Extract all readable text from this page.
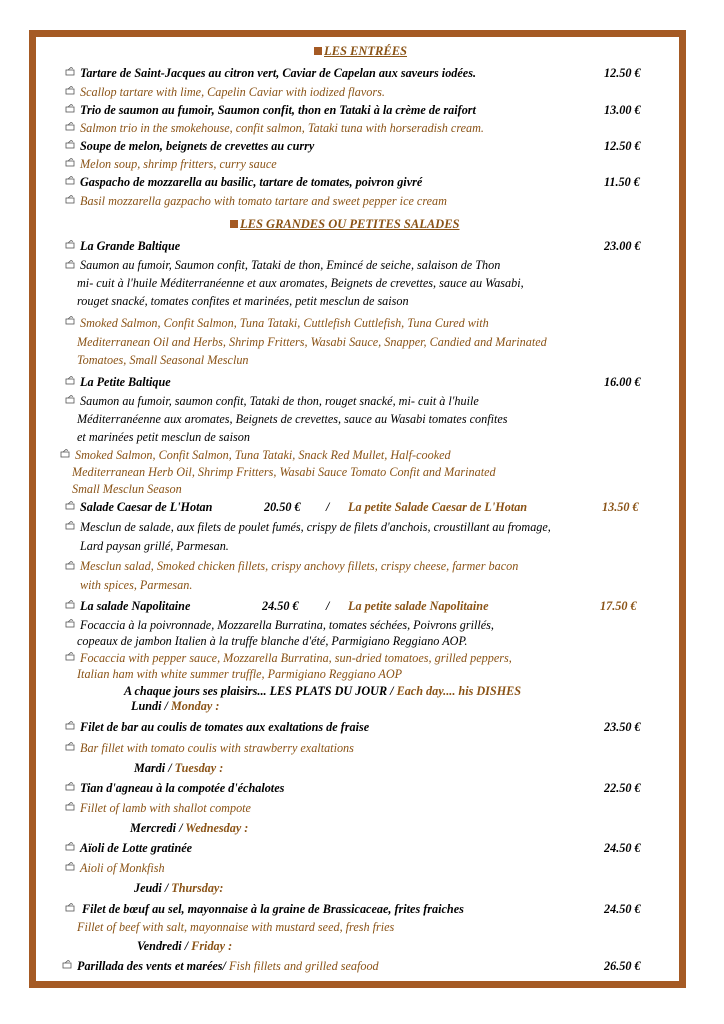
LES ENTRÉES
Tartare de Saint-Jacques au citron vert, Caviar de Capelan aux saveurs iodées.	12.50 €
Scallop tartare with lime, Capelin Caviar with iodized flavors.
Trio de saumon au fumoir, Saumon confit, thon en Tataki à la crème de raifort	13.00 €
Salmon trio in the smokehouse, confit salmon, Tataki tuna with horseradish cream.
Soupe de melon, beignets de crevettes au curry	12.50 €
Melon soup, shrimp fritters, curry sauce
Gaspacho de mozzarella au basilic, tartare de tomates, poivron givré	11.50 €
Basil mozzarella gazpacho with tomato tartare and sweet pepper ice cream
LES GRANDES OU PETITES SALADES
La Grande Baltique	23.00 €
Saumon au fumoir, Saumon confit, Tataki de thon, Emincé de seiche, salaison de Thon
mi- cuit à l'huile Méditerranéenne et aux aromates, Beignets de crevettes, sauce au Wasabi,
rouget snacké, tomates confites et marinées, petit mesclun de saison
Smoked Salmon, Confit Salmon, Tuna Tataki, Cuttlefish Cuttlefish, Tuna Cured with
Mediterranean Oil and Herbs, Shrimp Fritters, Wasabi Sauce, Snapper, Candied and Marinated
Tomatoes, Small Seasonal Mesclun
La Petite Baltique	16.00 €
Saumon au fumoir, saumon confit, Tataki de thon, rouget snacké, mi- cuit à l'huile
Méditerranéenne aux aromates, Beignets de crevettes, sauce au Wasabi tomates confites
et marinées petit mesclun de saison
Smoked Salmon, Confit Salmon, Tuna Tataki, Snack Red Mullet, Half-cooked
Mediterranean Herb Oil, Shrimp Fritters, Wasabi Sauce Tomato Confit and Marinated
Small Mesclun Season
Salade Caesar de L'Hotan	20.50 € / La petite Salade Caesar de L'Hotan	13.50 €
Mesclun de salade, aux filets de poulet fumés, crispy de filets d'anchois, croustillant au fromage,
Lard paysan grillé, Parmesan.
Mesclun salad, Smoked chicken fillets, crispy anchovy fillets, crispy cheese, farmer bacon
with spices, Parmesan.
La salade Napolitaine	24.50 € / La petite salade Napolitaine	17.50 €
Focaccia à la poivronnade, Mozzarella Burratina, tomates séchées, Poivrons grillés,
copeaux de jambon Italien à la truffe blanche d'été, Parmigiano Reggiano AOP.
Focaccia with pepper sauce, Mozzarella Burratina, sun-dried tomatoes, grilled peppers,
Italian ham with white summer truffle, Parmigiano Reggiano AOP
A chaque jours ses plaisirs... LES PLATS DU JOUR / Each day.... his DISHES
Lundi / Monday :
Filet de bar au coulis de tomates aux exaltations de fraise	23.50 €
Bar fillet with tomato coulis with strawberry exaltations
Mardi / Tuesday :
Tian d'agneau à la compotée d'échalotes	22.50 €
Fillet of lamb with shallot compote
Mercredi / Wednesday :
Aïoli de Lotte gratinée	24.50 €
Aioli of Monkfish
Jeudi / Thursday:
Filet de bœuf au sel, mayonnaise à la graine de Brassicaceae, frites fraiches	24.50 €
Fillet of beef with salt, mayonnaise with mustard seed, fresh fries
Vendredi / Friday :
Parillada des vents et marées/ Fish fillets and grilled seafood	26.50 €
